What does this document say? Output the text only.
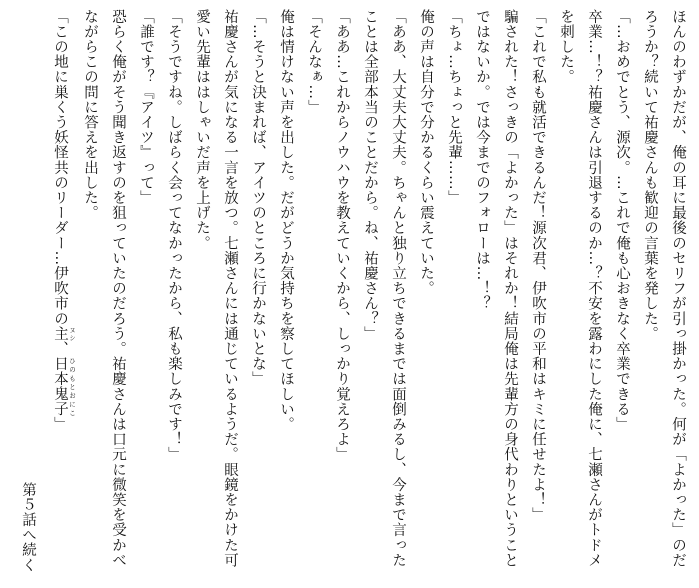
ほんのわずかだが、俺の耳に最後のセリフが引っ掛かった。何が「よかった」のだろうか？続いて祐慶さんも歓迎の言葉を発した。

「…おめでとう、源次。…これで俺も心おきなく卒業できる」

卒業…！？祐慶さんは引退するのか…？不安を露わにした俺に、七瀬さんがトドメを刺した。

「これで私も就活できるんだ！源次君、伊吹市の平和はキミに任せたよ！」

騙された！さっきの「よかった」はそれか！結局俺は先輩方の身代わりということではないか。では今までのフォローは…！？

「ちょ…ちょっと先輩……」

俺の声は自分で分かるくらい震えていた。

「ああ、大丈夫大丈夫。ちゃんと独り立ちできるまでは面倒みるし、今まで言ったことは全部本当のことだから。ね、祐慶さん？」

「ああ…これからノウハウを教えていくから、しっかり覚えろよ」

「そんなぁ…」

俺は情けない声を出した。だがどうか気持ちを察してほしい。

「…そうと決まれば、アイツのところに行かないとな」

祐慶さんが気になる一言を放つ。七瀬さんには通じているようだ。眼鏡をかけた可愛い先輩ははしゃいだ声を上げた。

「そうですね。しばらく会ってなかったから、私も楽しみです！」

「誰です？『アイツ』って」

恐らく俺がそう聞き返すのを狙っていたのだろう。祐慶さんは口元に微笑を受かべながらこの問に答えを出した。

「この地に巣くう妖怪共のリーダー…伊吹市の主 ヌシ、日本鬼子 ひのもとおにこ」

第５話へ続く
